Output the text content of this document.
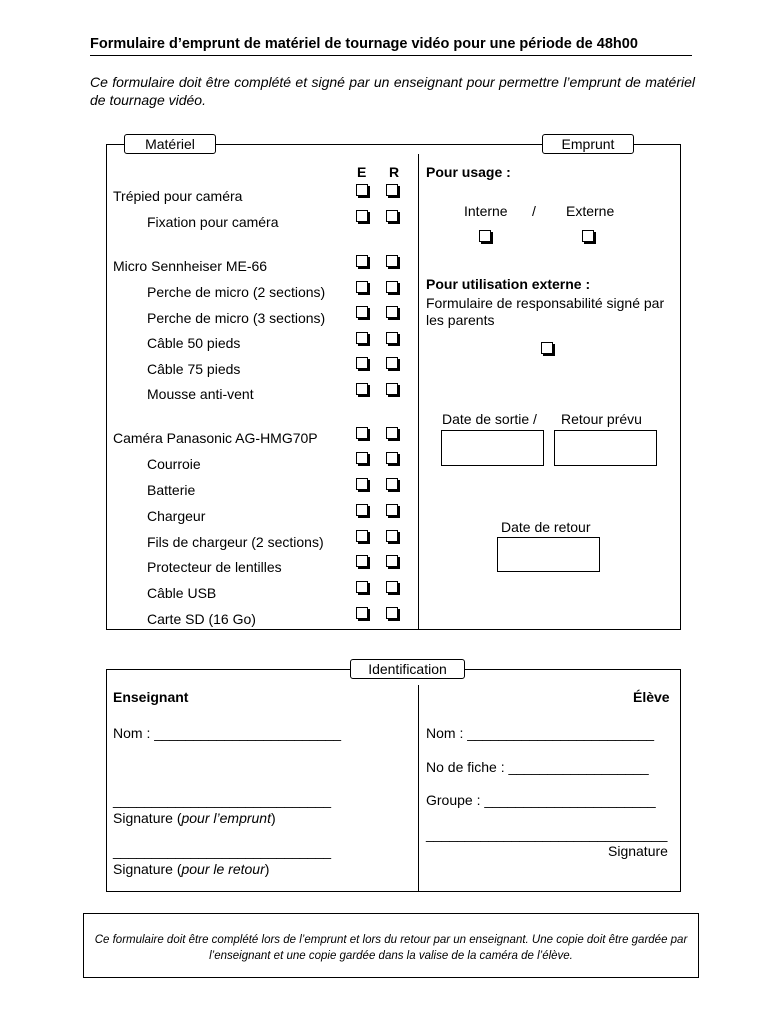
Formulaire d’emprunt de matériel de tournage vidéo pour une période de 48h00
Ce formulaire doit être complété et signé par un enseignant pour permettre l’emprunt de matériel de tournage vidéo.
Matériel	Emprunt
E R
Trépied pour caméra
Fixation pour caméra
Micro Sennheiser ME-66
Perche de micro (2 sections)
Perche de micro (3 sections)
Câble 50 pieds
Câble 75 pieds
Mousse anti-vent
Caméra Panasonic AG-HMG70P
Courroie
Batterie
Chargeur
Fils de chargeur (2 sections)
Protecteur de lentilles
Câble USB
Carte SD (16 Go)
Pour usage :
Interne / Externe
Pour utilisation externe :
Formulaire de responsabilité signé par les parents
Date de sortie / Retour prévu
Date de retour
Identification
Enseignant	Élève
Nom : ________________________
____________________________
Signature (pour l’emprunt)
____________________________
Signature (pour le retour)
Nom : ________________________
No de fiche : __________________
Groupe : ______________________
_______________________________
Signature
Ce formulaire doit être complété lors de l’emprunt et lors du retour par un enseignant. Une copie doit être gardée par l’enseignant et une copie gardée dans la valise de la caméra de l’élève.
